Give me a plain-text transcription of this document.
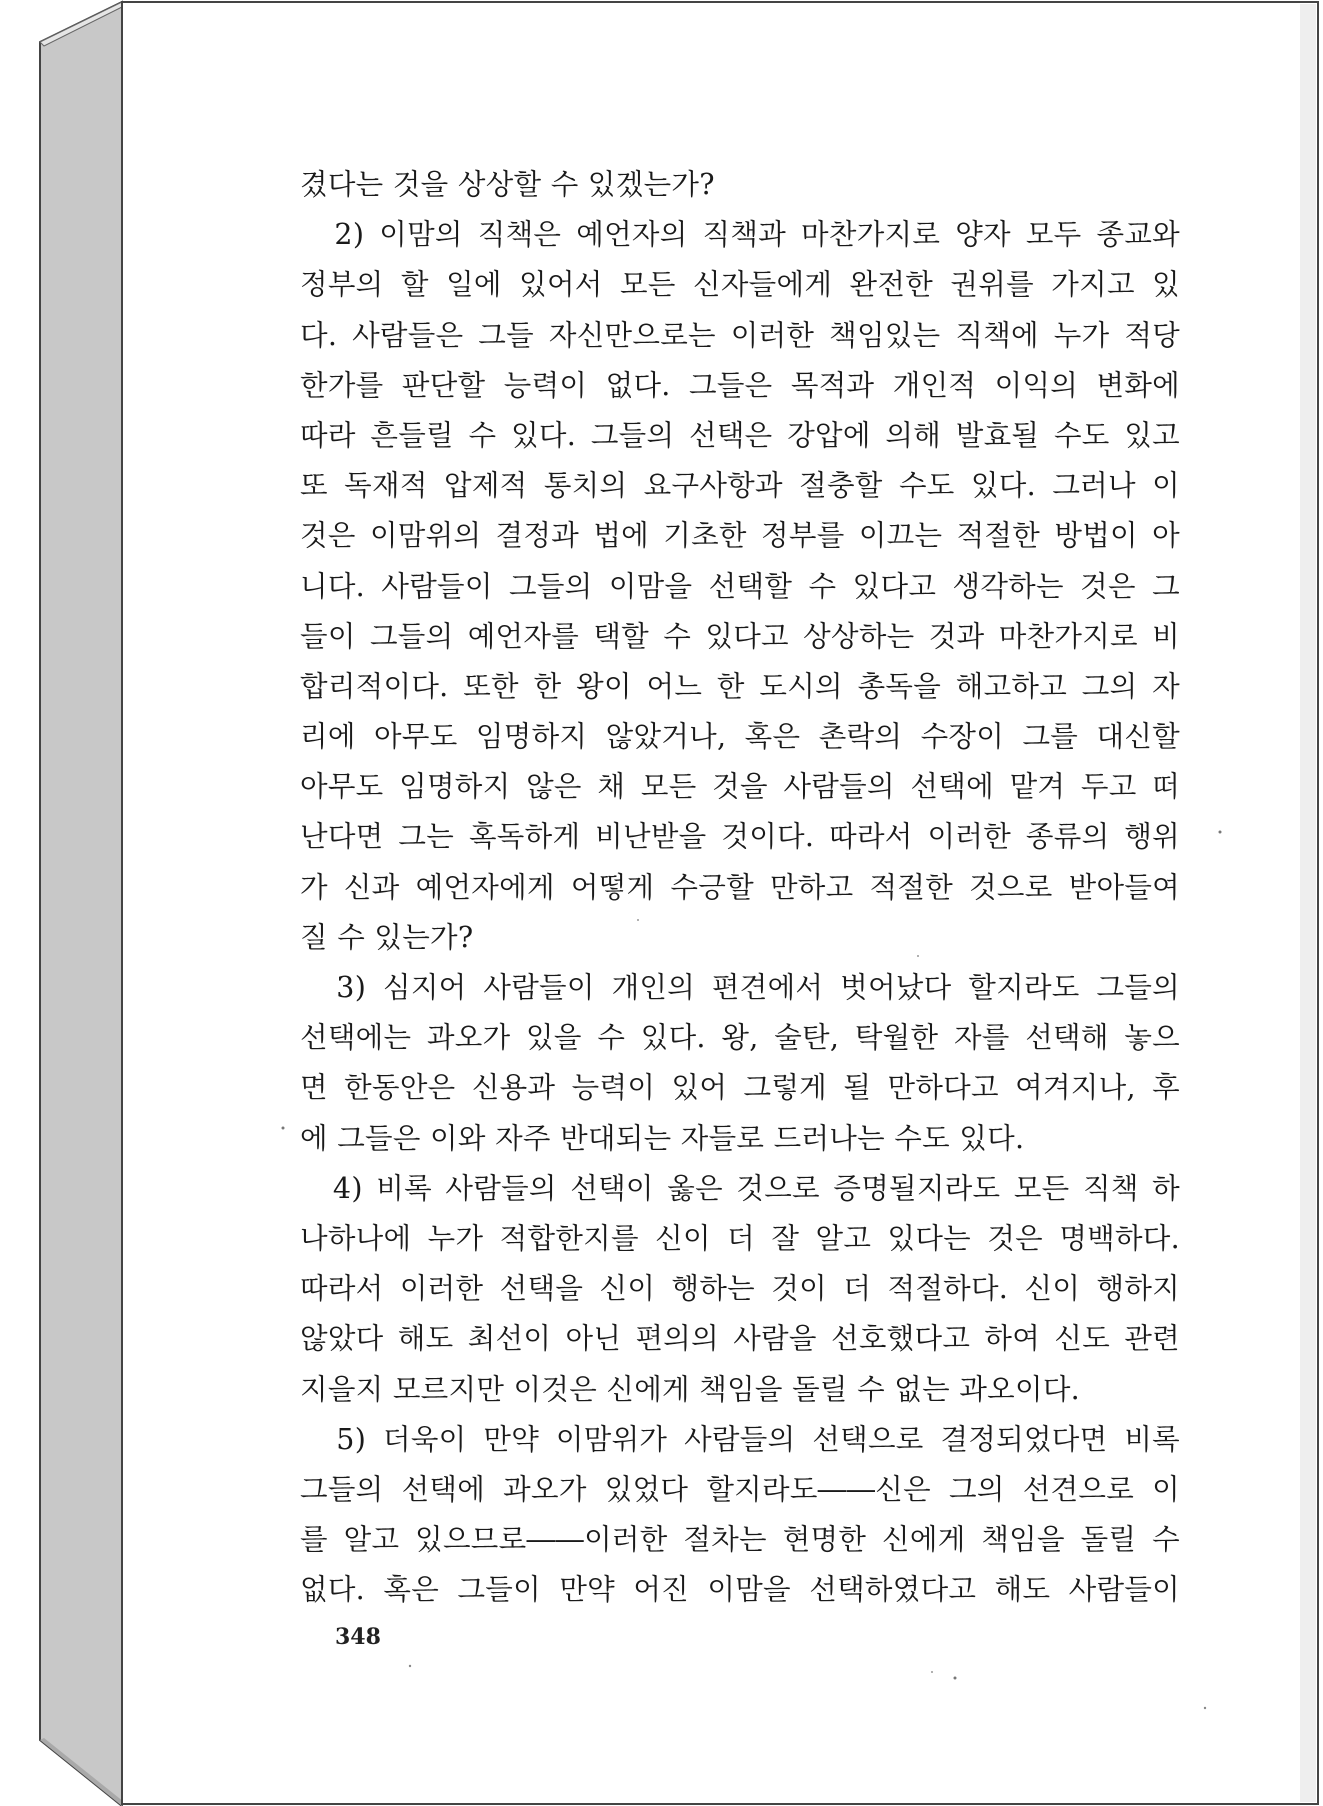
겼다는 것을 상상할 수 있겠는가?
　2) 이맘의 직책은 예언자의 직책과 마찬가지로 양자 모두 종교와
정부의 할 일에 있어서 모든 신자들에게 완전한 권위를 가지고 있
다. 사람들은 그들 자신만으로는 이러한 책임있는 직책에 누가 적당
한가를 판단할 능력이 없다. 그들은 목적과 개인적 이익의 변화에
따라 흔들릴 수 있다. 그들의 선택은 강압에 의해 발효될 수도 있고
또 독재적 압제적 통치의 요구사항과 절충할 수도 있다. 그러나 이
것은 이맘위의 결정과 법에 기초한 정부를 이끄는 적절한 방법이 아
니다. 사람들이 그들의 이맘을 선택할 수 있다고 생각하는 것은 그
들이 그들의 예언자를 택할 수 있다고 상상하는 것과 마찬가지로 비
합리적이다. 또한 한 왕이 어느 한 도시의 총독을 해고하고 그의 자
리에 아무도 임명하지 않았거나, 혹은 촌락의 수장이 그를 대신할
아무도 임명하지 않은 채 모든 것을 사람들의 선택에 맡겨 두고 떠
난다면 그는 혹독하게 비난받을 것이다. 따라서 이러한 종류의 행위
가 신과 예언자에게 어떻게 수긍할 만하고 적절한 것으로 받아들여
질 수 있는가?
　3) 심지어 사람들이 개인의 편견에서 벗어났다 할지라도 그들의
선택에는 과오가 있을 수 있다. 왕, 술탄, 탁월한 자를 선택해 놓으
면 한동안은 신용과 능력이 있어 그렇게 될 만하다고 여겨지나, 후
에 그들은 이와 자주 반대되는 자들로 드러나는 수도 있다.
　4) 비록 사람들의 선택이 옳은 것으로 증명될지라도 모든 직책 하
나하나에 누가 적합한지를 신이 더 잘 알고 있다는 것은 명백하다.
따라서 이러한 선택을 신이 행하는 것이 더 적절하다. 신이 행하지
않았다 해도 최선이 아닌 편의의 사람을 선호했다고 하여 신도 관련
지을지 모르지만 이것은 신에게 책임을 돌릴 수 없는 과오이다.
　5) 더욱이 만약 이맘위가 사람들의 선택으로 결정되었다면 비록
그들의 선택에 과오가 있었다 할지라도――신은 그의 선견으로 이
를 알고 있으므로――이러한 절차는 현명한 신에게 책임을 돌릴 수
없다. 혹은 그들이 만약 어진 이맘을 선택하였다고 해도 사람들이
348
